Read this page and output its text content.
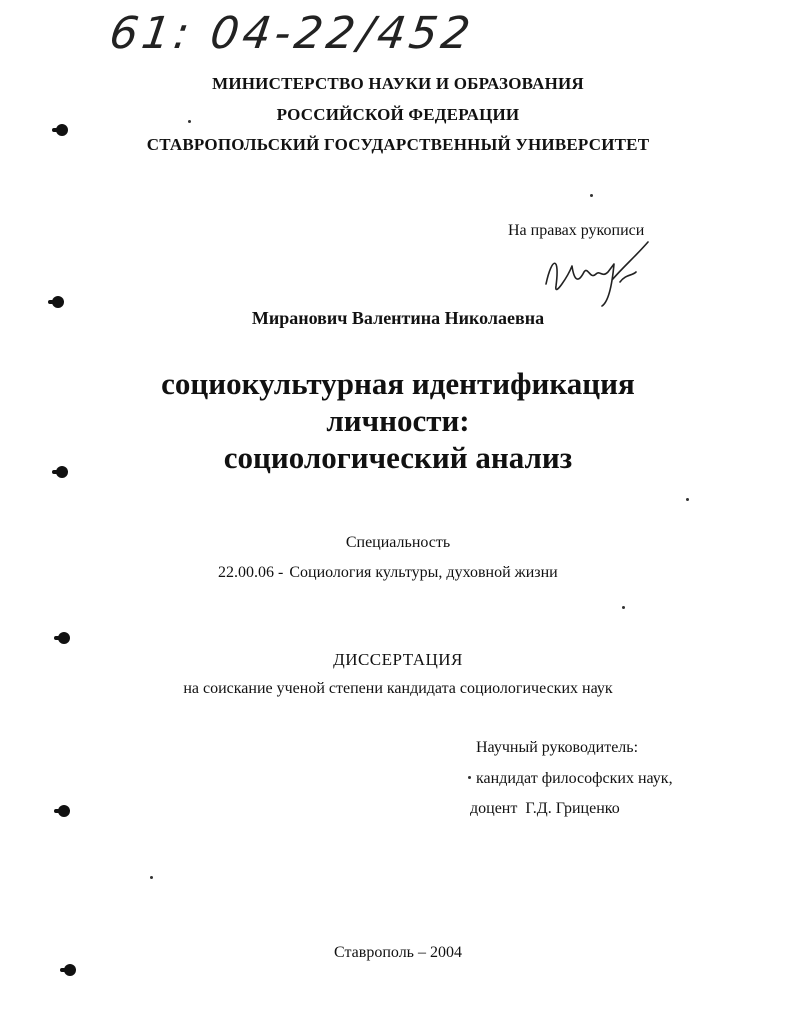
61: 04-22/452
МИНИСТЕРСТВО НАУКИ И ОБРАЗОВАНИЯ
РОССИЙСКОЙ ФЕДЕРАЦИИ
СТАВРОПОЛЬСКИЙ ГОСУДАРСТВЕННЫЙ УНИВЕРСИТЕТ
На правах рукописи
Миранович Валентина Николаевна
социокультурная идентификация
личности:
социологический анализ
Специальность
22.00.06 - Социология культуры, духовной жизни
ДИССЕРТАЦИЯ
на соискание ученой степени кандидата социологических наук
Научный руководитель:
кандидат философских наук,
доцент Г.Д. Гриценко
Ставрополь – 2004
